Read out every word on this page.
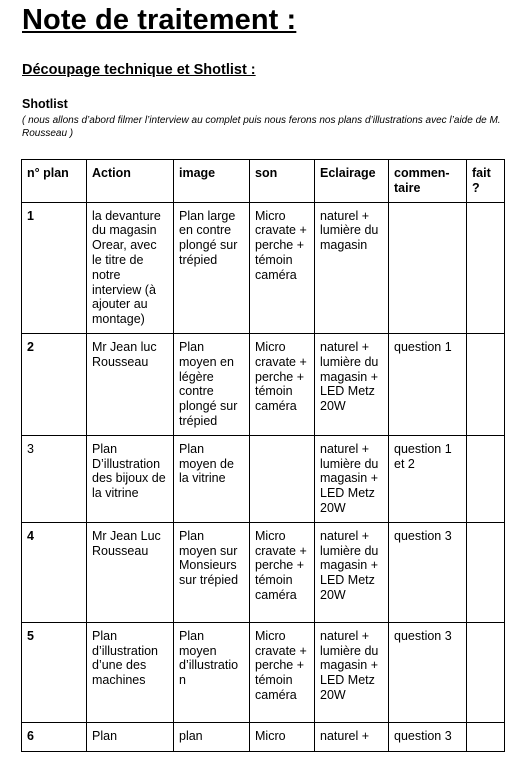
Note de traitement :
Découpage technique et Shotlist :
Shotlist
( nous allons d’abord filmer l’interview au complet puis nous ferons nos plans d’illustrations avec l’aide de M. Rousseau )
n° plan	Action	image	son	Eclairage	commen-taire	fait ?
1	la devanture du magasin Orear, avec le titre de notre interview (à ajouter au montage)	Plan large en contre plongé sur trépied	Micro cravate + perche + témoin caméra	naturel + lumière du magasin		
2	Mr Jean luc Rousseau	Plan moyen en légère contre plongé sur trépied	Micro cravate + perche + témoin caméra	naturel + lumière du magasin + LED Metz 20W	question 1	
3	Plan D’illustration des bijoux de la vitrine	Plan moyen de la vitrine		naturel + lumière du magasin + LED Metz 20W	question 1 et 2	
4	Mr Jean Luc Rousseau	Plan moyen sur Monsieurs sur trépied	Micro cravate + perche + témoin caméra	naturel + lumière du magasin + LED Metz 20W	question 3	
5	Plan d’illustration d’une des machines	Plan moyen d’illustration	Micro cravate + perche + témoin caméra	naturel + lumière du magasin + LED Metz 20W	question 3	
6	Plan	plan	Micro	naturel +	question 3	
